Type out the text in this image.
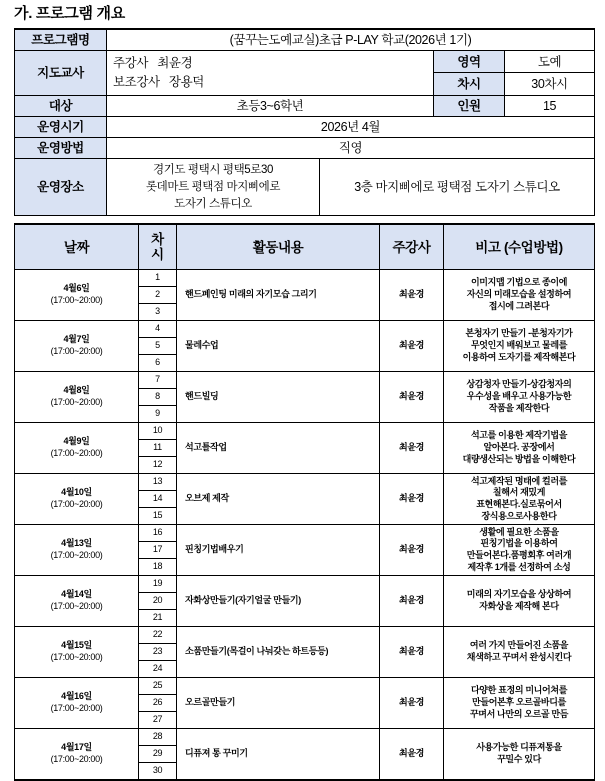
가. 프로그램 개요
프로그램명	(꿈꾸는도예교실)초급 P-LAY 학교(2026년 1기)			
지도교사	주강사   최윤경
보조강사   장용덕		영역	도예
			차시	30차시
대상	초등3~6학년		인원	15
운영시기	2026년 4월			
운영방법	직영			
운영장소	경기도 평택시 평택5로30
롯데마트 평택점 마지삐에로
도자기 스튜디오	3층 마지삐에로 평택점 도자기 스튜디오		
날짜	차
시	활동내용	주강사	비고 (수업방법)

4월6일
(17:00~20:00)	1	핸드페인팅 미래의 자기모습 그리기	최윤경	이미지맵 기법으로 종이에
자신의 미래모습을 설정하여
접시에 그려본다

	2			
	3			

4월7일
(17:00~20:00)	4	물레수업	최윤경	본청자기 만들기 -분청자기가
무엇인지 배워보고 물레를
이용하여 도자기를 제작해본다

	5			
	6			

4월8일
(17:00~20:00)	7	핸드빌딩	최윤경	상감청자 만들기-상감청자의
우수성을 배우고 사용가능한
작품을 제작한다

	8			
	9			

4월9일
(17:00~20:00)	10	석고틀작업	최윤경	석고를 이용한 제작기법을
알아본다. 공장에서
대량생산되는 방법을 이해한다

	11			
	12			

4월10일
(17:00~20:00)	13	오브제 제작	최윤경	석고제작된 명태에 컬러를
칠해서 재밌게
표현해본다.실로묶어서
장식용으로사용한다

	14			
	15			

4월13일
(17:00~20:00)	16	핀칭기법배우기	최윤경	생활에 필요한 소품을
핀칭기법을 이용하여
만들어본다.품평회후 여러개
제작후 1개를 선정하여 소성

	17			
	18			

4월14일
(17:00~20:00)	19	자화상만들기(자기얼굴 만들기)	최윤경	미래의 자기모습을 상상하여
자화상을 제작해 본다

	20			
	21			

4월15일
(17:00~20:00)	22	소품만들기(목걸이 나눠갖는 하트등등)	최윤경	여러 가지 만들어진 소품을
채색하고 꾸며서 완성시킨다

	23			
	24			

4월16일
(17:00~20:00)	25	오르골만들기	최윤경	다양한 표정의 미니어쳐를
만들어본후 오르골바디를
꾸며서 나만의 오르골 만듬

	26			
	27			

4월17일
(17:00~20:00)	28	디퓨져 통 꾸미기	최윤경	사용가능한 디퓨져통을
꾸밀수 있다

	29			
	30			
